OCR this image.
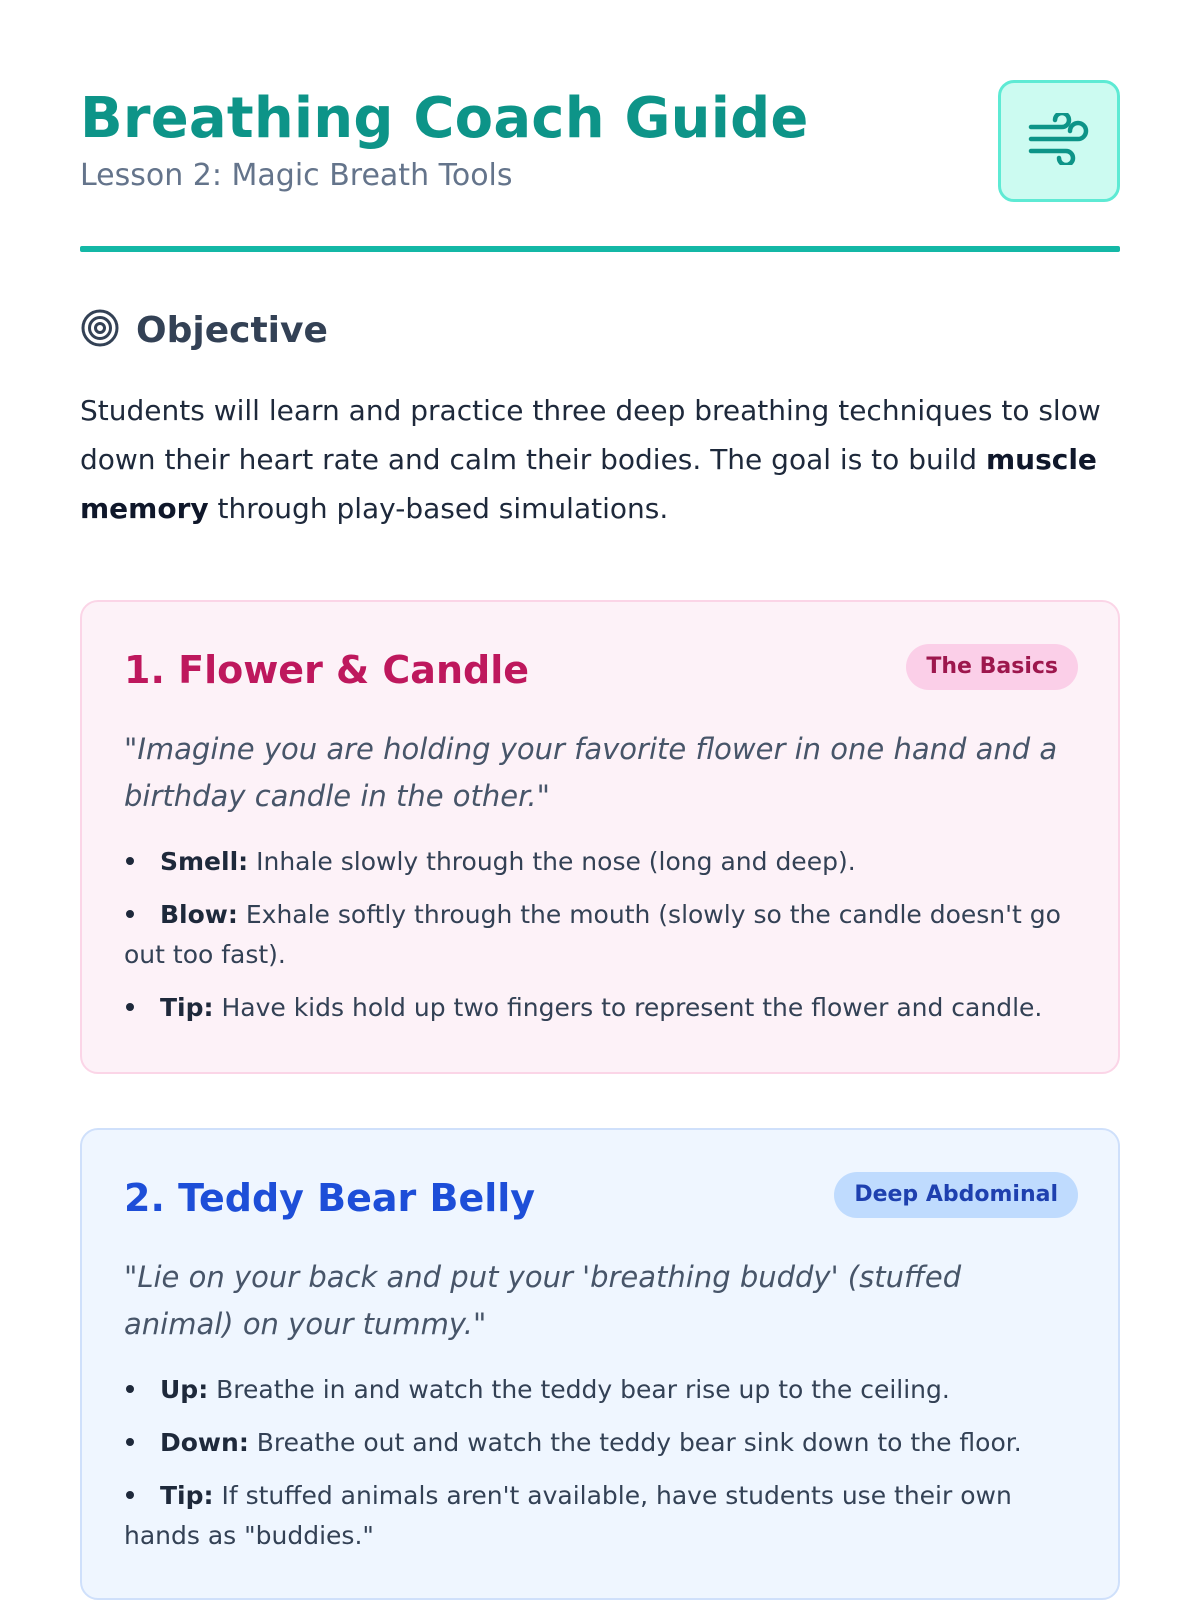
Breathing Coach Guide
Lesson 2: Magic Breath Tools
Objective

Students will learn and practice three deep breathing techniques to slow down their heart rate and calm their bodies. The goal is to build muscle memory through play-based simulations.

1. Flower & Candle	The Basics

"Imagine you are holding your favorite flower in one hand and a birthday candle in the other."

Smell: Inhale slowly through the nose (long and deep).
Blow: Exhale softly through the mouth (slowly so the candle doesn't go out too fast).
Tip: Have kids hold up two fingers to represent the flower and candle.
2. Teddy Bear Belly	Deep Abdominal

"Lie on your back and put your 'breathing buddy' (stuffed animal) on your tummy."

Up: Breathe in and watch the teddy bear rise up to the ceiling.
Down: Breathe out and watch the teddy bear sink down to the floor.
Tip: If stuffed animals aren't available, have students use their own hands as "buddies."
